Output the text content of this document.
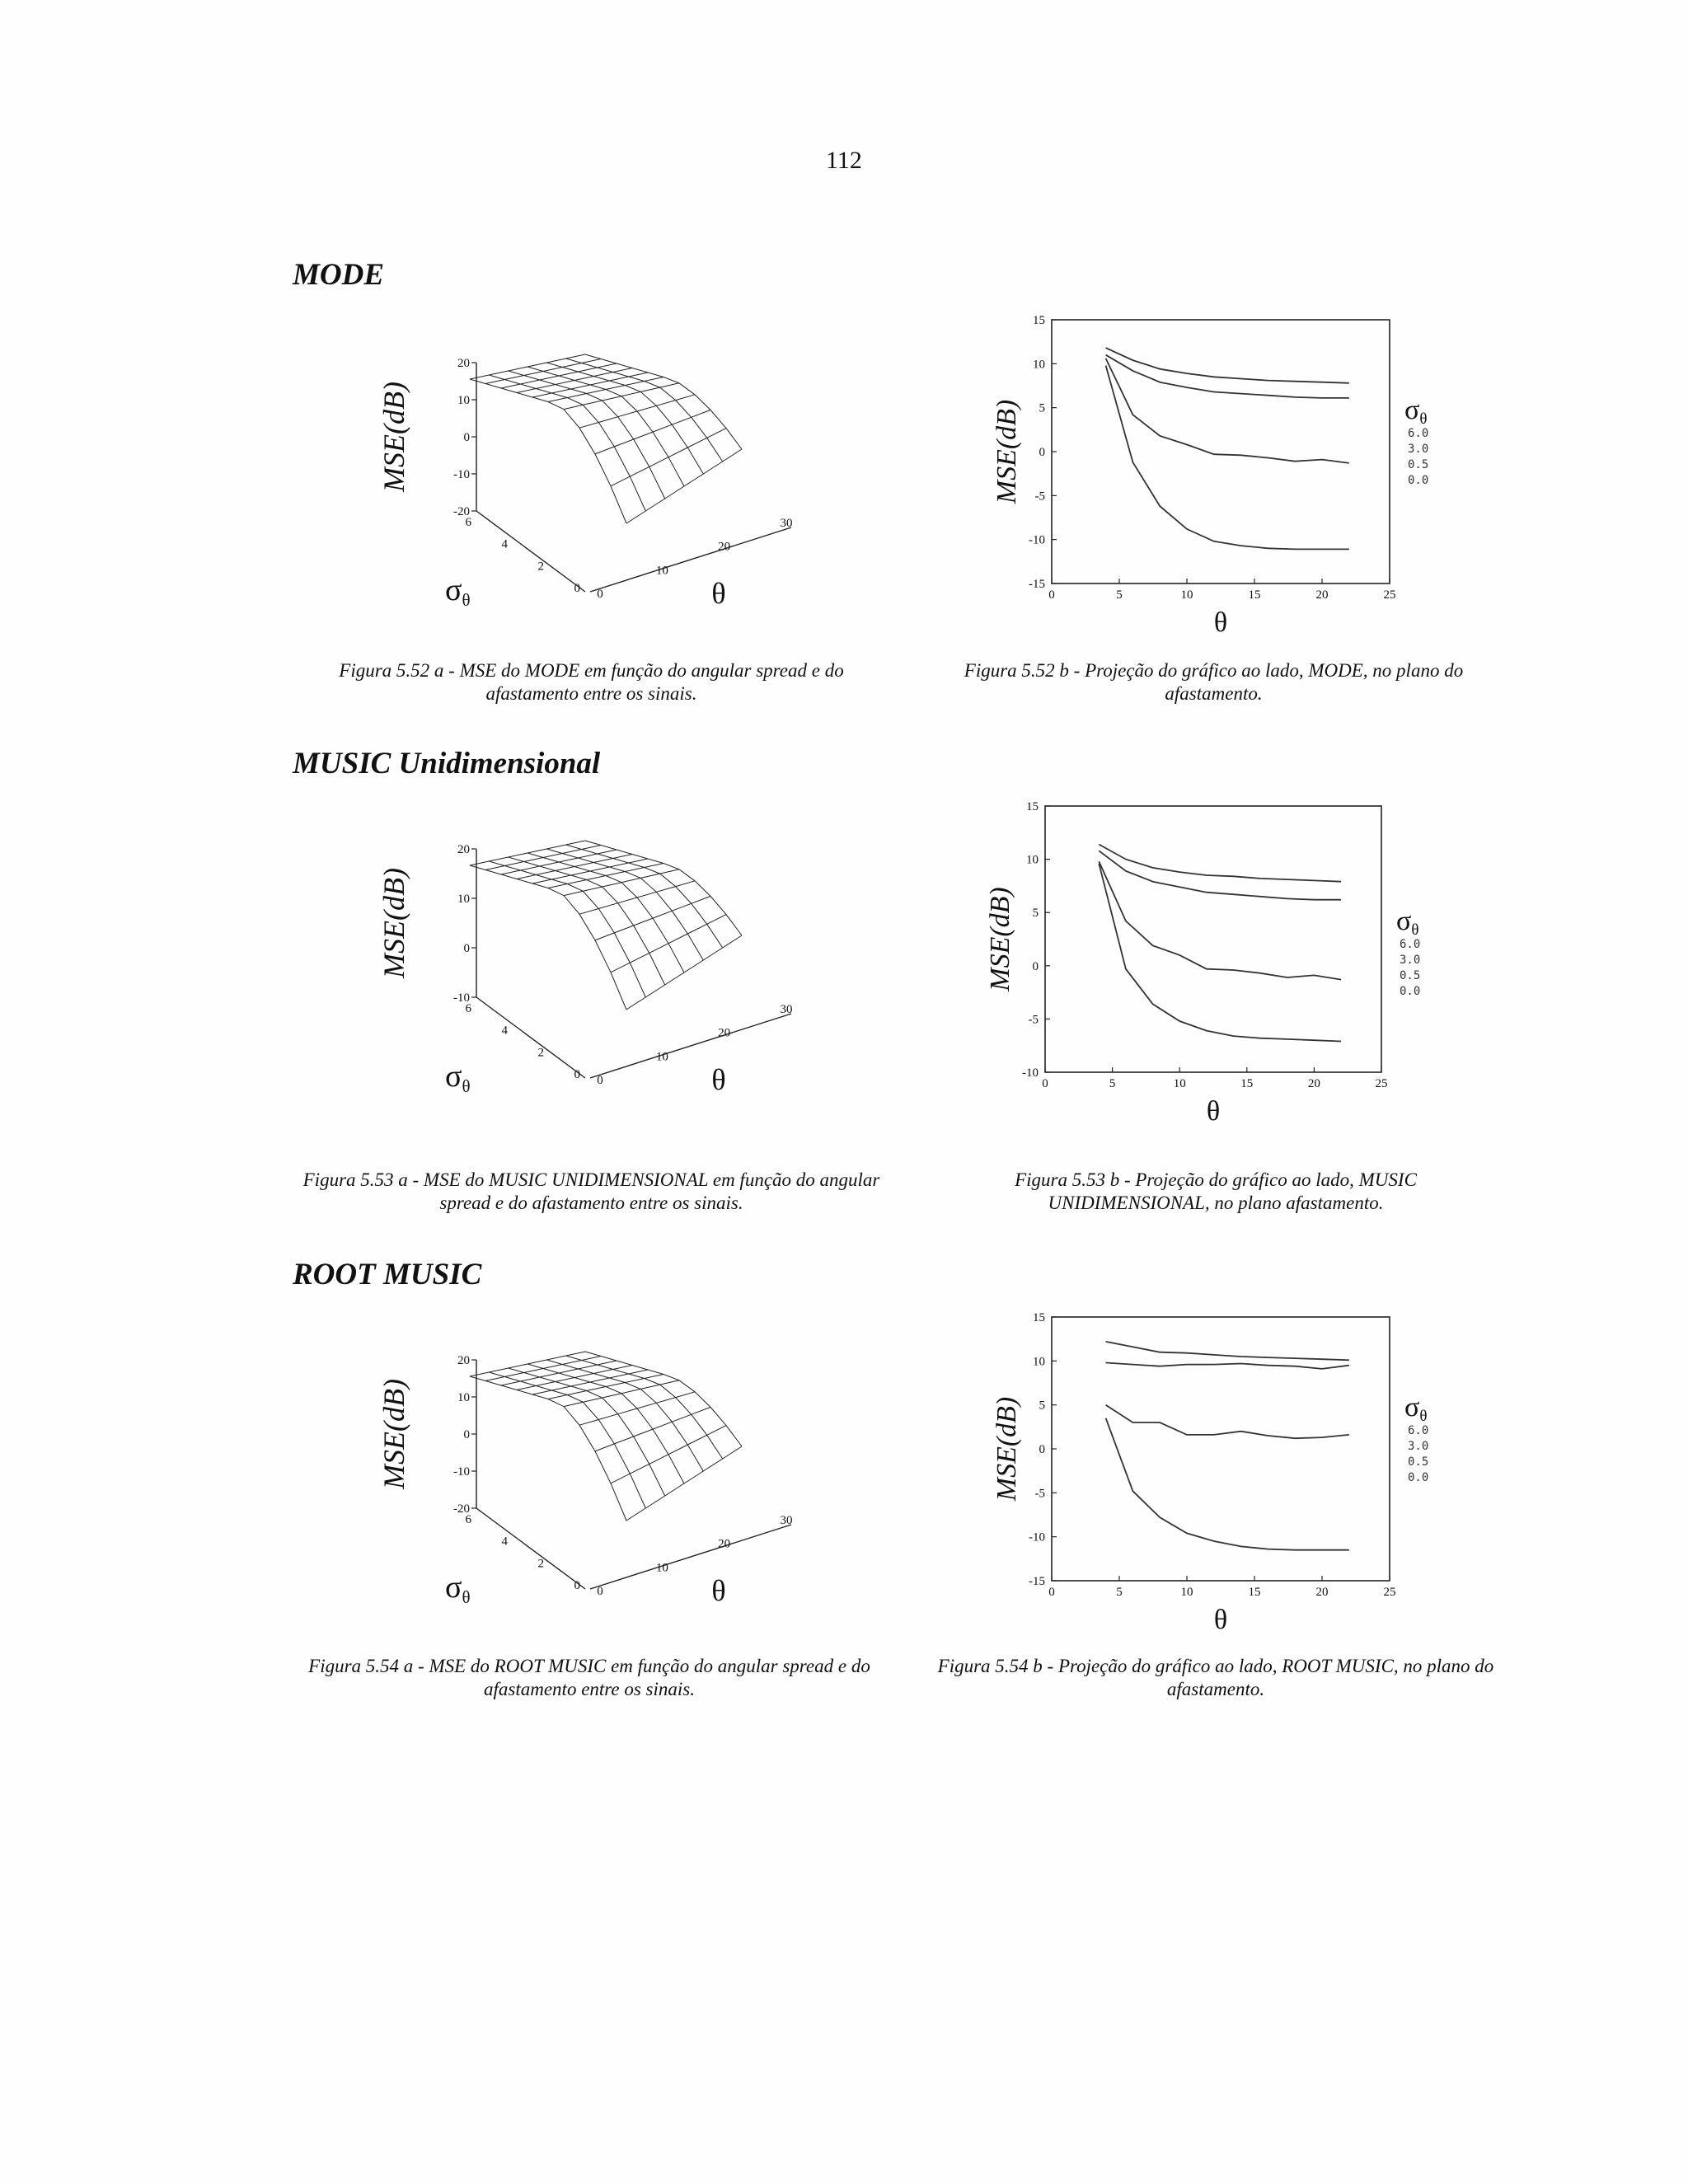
112
MODE
-20
-10
0
10
20
MSE(dB)
6
4
2
0
σθ	0
10
20
30
θ	-15
-10
-5
0
5
10
15
0	5	10	15	20	25
θ
MSE(dB)	σθ
6.0
3.0
0.5
0.0
Figura 5.52 a - MSE do MODE em função do angular spread e do afastamento entre os sinais.
Figura 5.52 b - Projeção do gráfico ao lado, MODE, no plano do afastamento.
MUSIC Unidimensional
-10
0
10
20
MSE(dB)
6
4
2
0
σθ	0
10
20
30
θ	-10
-5
0
5
10
15
0	5	10	15	20	25
θ
MSE(dB)	σθ
6.0
3.0
0.5
0.0
Figura 5.53 a - MSE do MUSIC UNIDIMENSIONAL em função do angular spread e do afastamento entre os sinais.
Figura 5.53 b - Projeção do gráfico ao lado, MUSIC UNIDIMENSIONAL, no plano afastamento.
ROOT MUSIC
-20
-10
0
10
20
MSE(dB)
6
4
2
0
σθ	0
10
20
30
θ	-15
-10
-5
0
5
10
15
0	5	10	15	20	25
θ
MSE(dB)	σθ
6.0
3.0
0.5
0.0
Figura 5.54 a - MSE do ROOT MUSIC em função do angular spread e do afastamento entre os sinais.
Figura 5.54 b - Projeção do gráfico ao lado, ROOT MUSIC, no plano do afastamento.
